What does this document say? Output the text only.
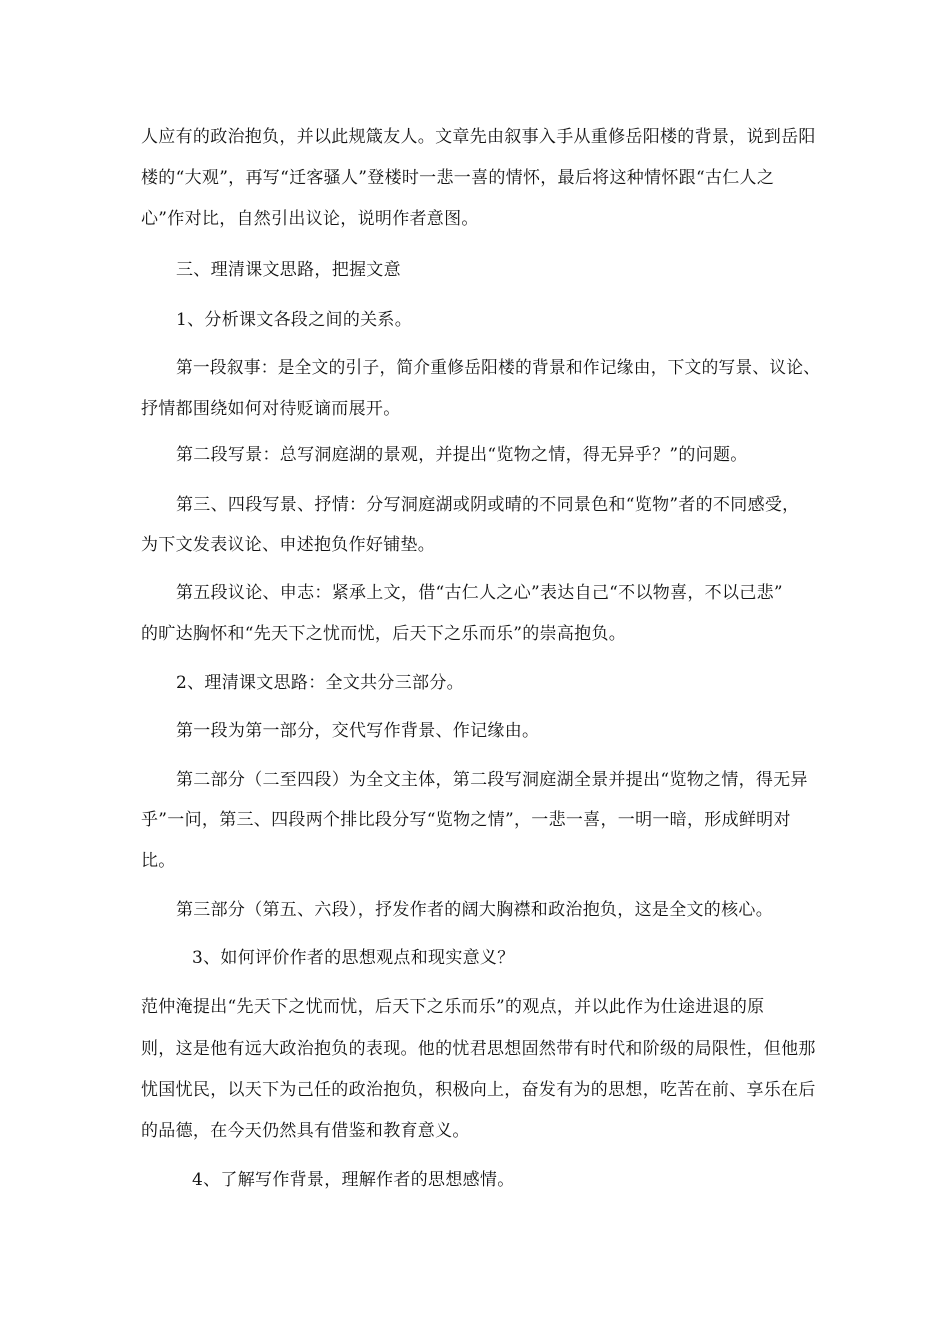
人应有的政治抱负，并以此规箴友人。文章先由叙事入手从重修岳阳楼的背景，说到岳阳
楼的“大观”，再写“迁客骚人”登楼时一悲一喜的情怀，最后将这种情怀跟“古仁人之
心”作对比，自然引出议论，说明作者意图。
三、理清课文思路，把握文意
1、分析课文各段之间的关系。
第一段叙事：是全文的引子，简介重修岳阳楼的背景和作记缘由，下文的写景、议论、
抒情都围绕如何对待贬谪而展开。
第二段写景：总写洞庭湖的景观，并提出“览物之情，得无异乎？”的问题。
第三、四段写景、抒情：分写洞庭湖或阴或晴的不同景色和“览物”者的不同感受，
为下文发表议论、申述抱负作好铺垫。
第五段议论、申志：紧承上文，借“古仁人之心”表达自己“不以物喜，不以己悲”
的旷达胸怀和“先天下之忧而忧，后天下之乐而乐”的崇高抱负。
2、理清课文思路：全文共分三部分。
第一段为第一部分，交代写作背景、作记缘由。
第二部分（二至四段）为全文主体，第二段写洞庭湖全景并提出“览物之情，得无异
乎”一问，第三、四段两个排比段分写“览物之情”，一悲一喜，一明一暗，形成鲜明对
比。
第三部分（第五、六段），抒发作者的阔大胸襟和政治抱负，这是全文的核心。
3、如何评价作者的思想观点和现实意义？
范仲淹提出“先天下之忧而忧，后天下之乐而乐”的观点，并以此作为仕途进退的原
则，这是他有远大政治抱负的表现。他的忧君思想固然带有时代和阶级的局限性，但他那
忧国忧民，以天下为己任的政治抱负，积极向上，奋发有为的思想，吃苦在前、享乐在后
的品德，在今天仍然具有借鉴和教育意义。
4、了解写作背景，理解作者的思想感情。
